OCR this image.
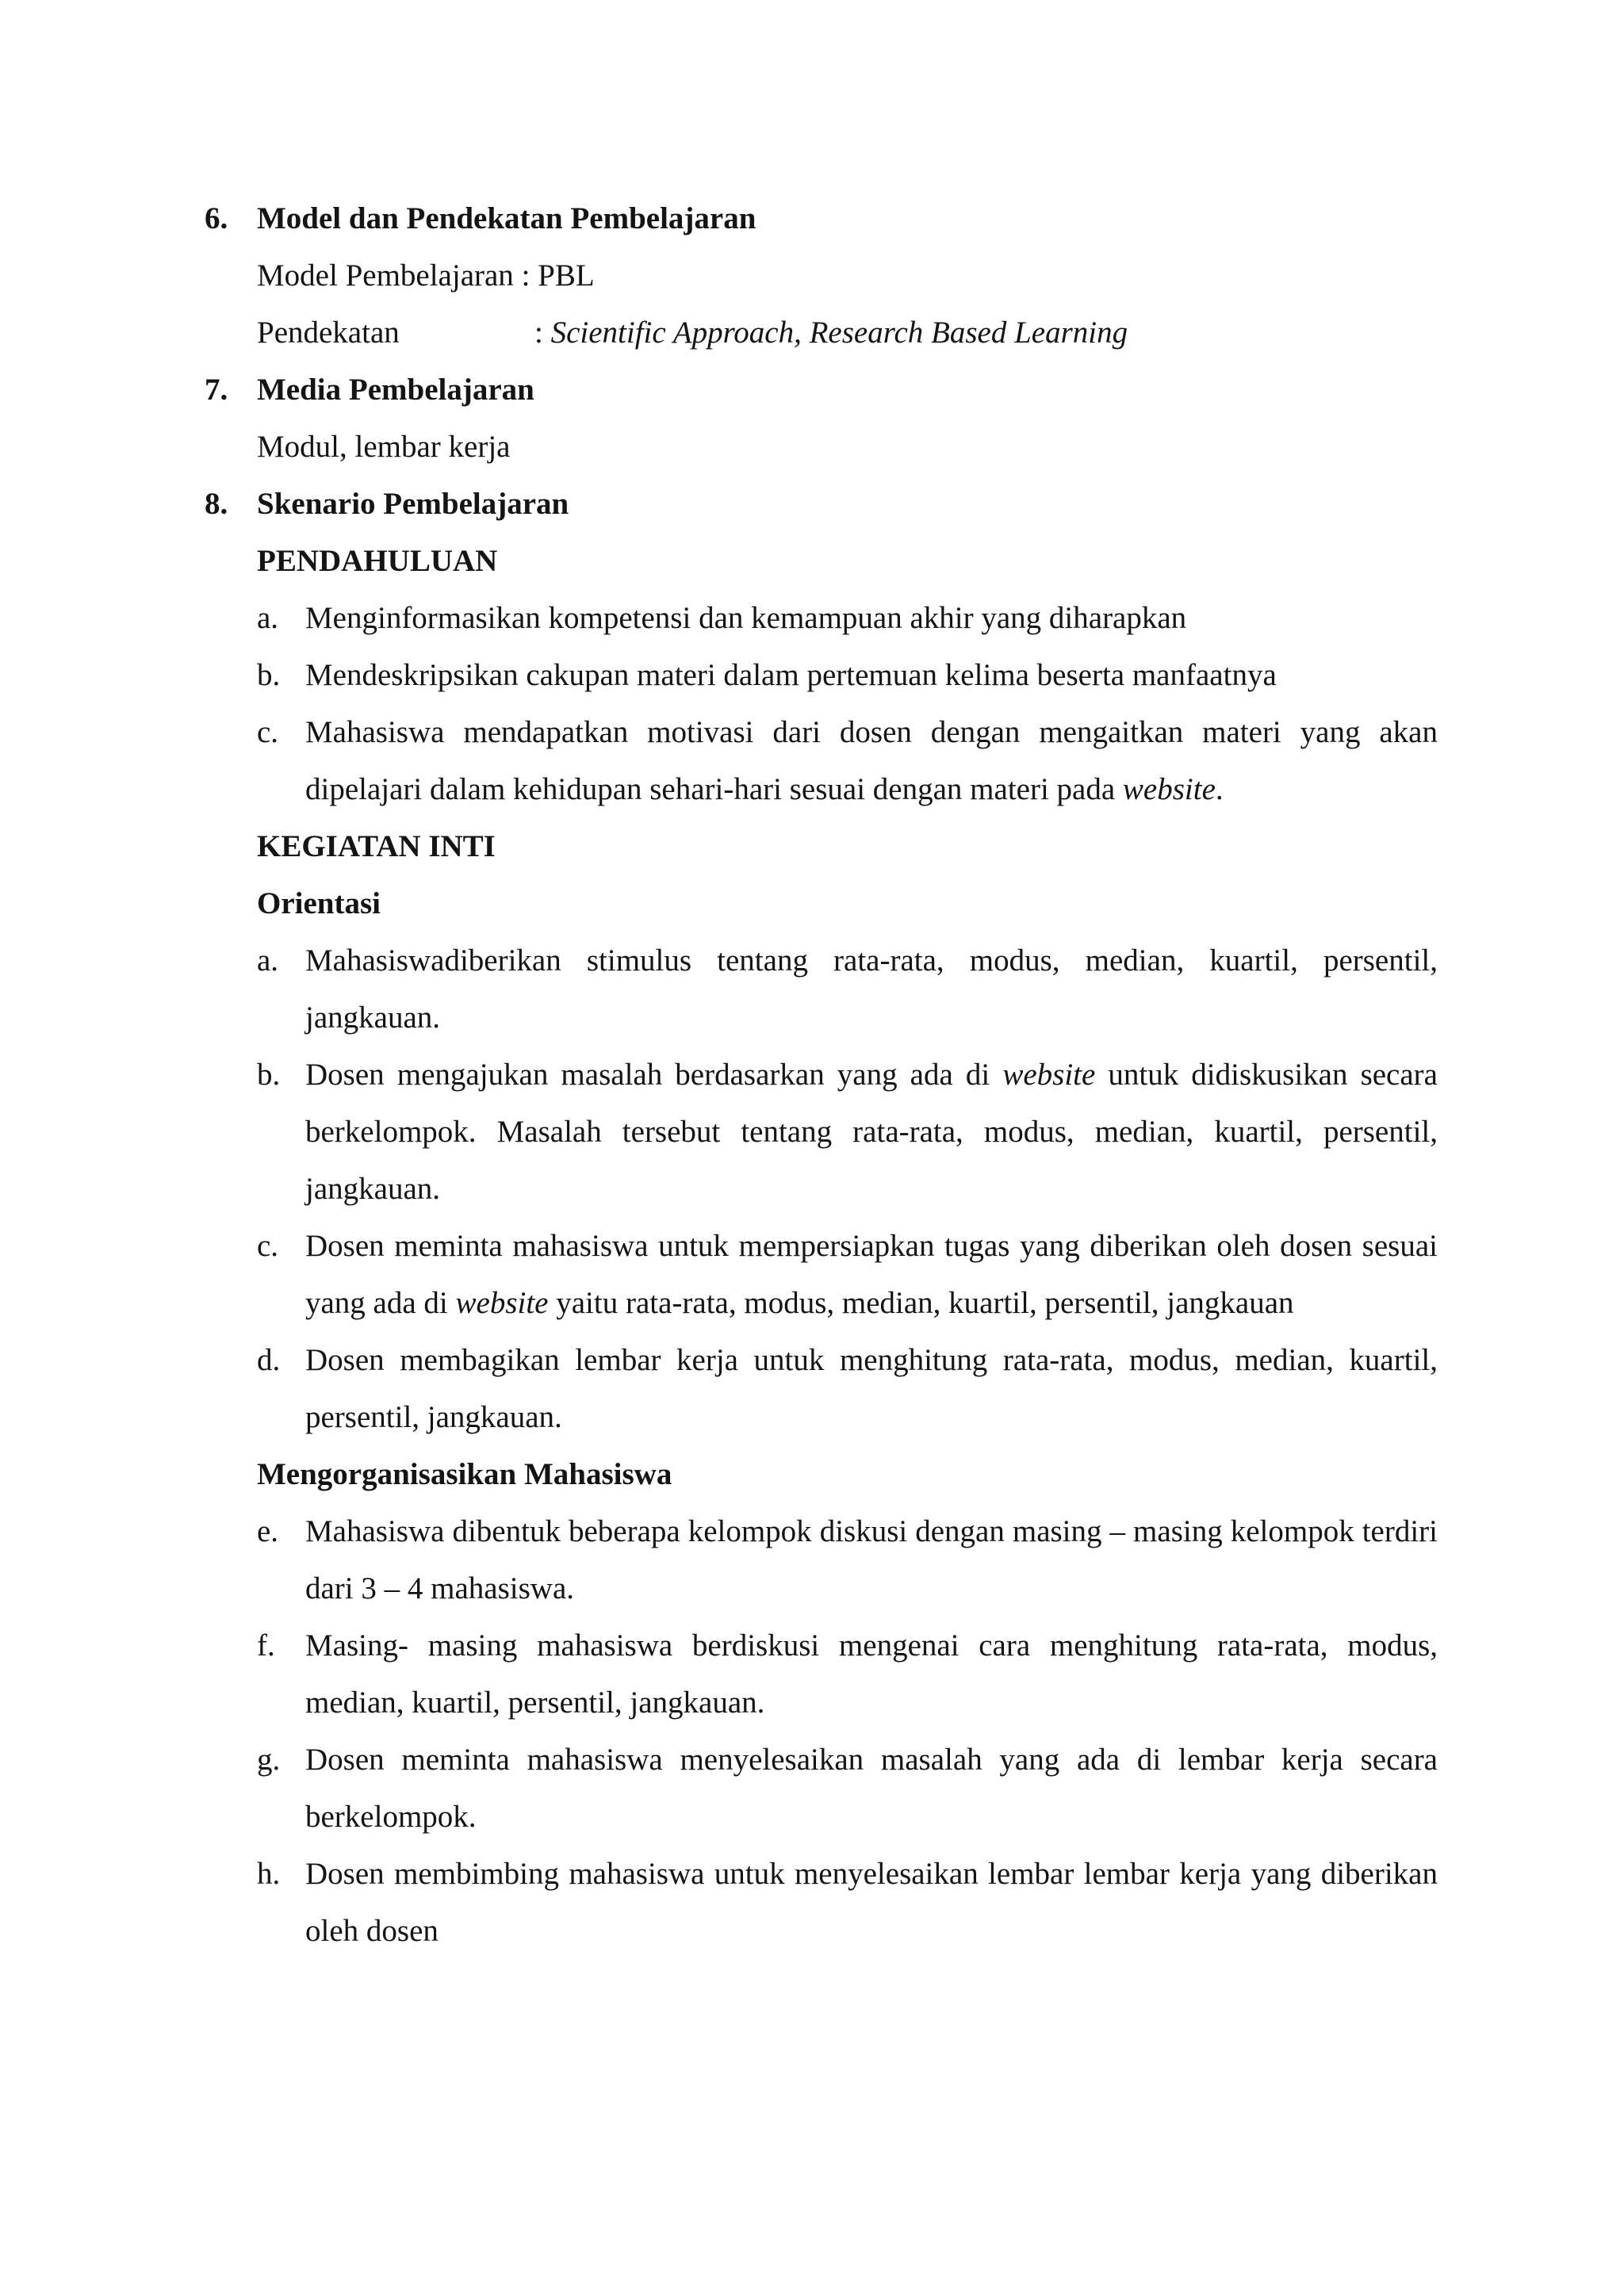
6. Model dan Pendekatan Pembelajaran
Model Pembelajaran : PBL
Pendekatan	: Scientific Approach, Research Based Learning
7. Media Pembelajaran
Modul, lembar kerja
8. Skenario Pembelajaran
PENDAHULUAN
a. Menginformasikan kompetensi dan kemampuan akhir yang diharapkan
b. Mendeskripsikan cakupan materi dalam pertemuan kelima beserta manfaatnya
c. Mahasiswa mendapatkan motivasi dari dosen dengan mengaitkan materi yang akan dipelajari dalam kehidupan sehari-hari sesuai dengan materi pada website.
KEGIATAN INTI
Orientasi
a. Mahasiswadiberikan stimulus tentang rata-rata, modus, median, kuartil, persentil, jangkauan.
b. Dosen mengajukan masalah berdasarkan yang ada di website untuk didiskusikan secara berkelompok. Masalah tersebut tentang rata-rata, modus, median, kuartil, persentil, jangkauan.
c. Dosen meminta mahasiswa untuk mempersiapkan tugas yang diberikan oleh dosen sesuai yang ada di website yaitu rata-rata, modus, median, kuartil, persentil, jangkauan
d. Dosen membagikan lembar kerja untuk menghitung rata-rata, modus, median, kuartil, persentil, jangkauan.
Mengorganisasikan Mahasiswa
e. Mahasiswa dibentuk beberapa kelompok diskusi dengan masing – masing kelompok terdiri dari 3 – 4 mahasiswa.
f. Masing- masing mahasiswa berdiskusi mengenai cara menghitung rata-rata, modus, median, kuartil, persentil, jangkauan.
g. Dosen meminta mahasiswa menyelesaikan masalah yang ada di lembar kerja secara berkelompok.
h. Dosen membimbing mahasiswa untuk menyelesaikan lembar lembar kerja yang diberikan oleh dosen
